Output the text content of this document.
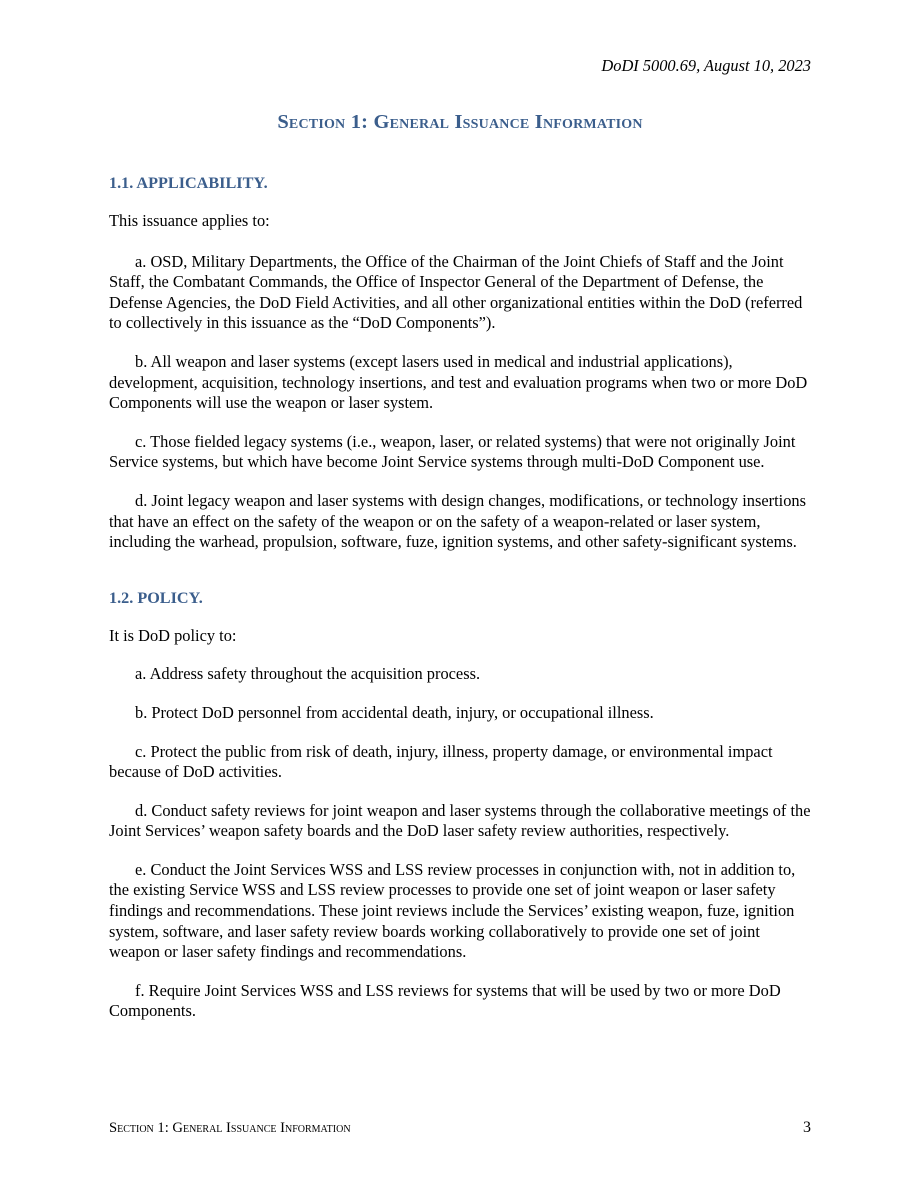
DoDI 5000.69, August 10, 2023
Section 1: General Issuance Information
1.1. APPLICABILITY.

This issuance applies to:

a. OSD, Military Departments, the Office of the Chairman of the Joint Chiefs of Staff and the Joint Staff, the Combatant Commands, the Office of Inspector General of the Department of Defense, the Defense Agencies, the DoD Field Activities, and all other organizational entities within the DoD (referred to collectively in this issuance as the “DoD Components”).

b. All weapon and laser systems (except lasers used in medical and industrial applications), development, acquisition, technology insertions, and test and evaluation programs when two or more DoD Components will use the weapon or laser system.

c. Those fielded legacy systems (i.e., weapon, laser, or related systems) that were not originally Joint Service systems, but which have become Joint Service systems through multi-DoD Component use.

d. Joint legacy weapon and laser systems with design changes, modifications, or technology insertions that have an effect on the safety of the weapon or on the safety of a weapon-related or laser system, including the warhead, propulsion, software, fuze, ignition systems, and other safety-significant systems.

1.2. POLICY.

It is DoD policy to:

a. Address safety throughout the acquisition process.

b. Protect DoD personnel from accidental death, injury, or occupational illness.

c. Protect the public from risk of death, injury, illness, property damage, or environmental impact because of DoD activities.

d. Conduct safety reviews for joint weapon and laser systems through the collaborative meetings of the Joint Services’ weapon safety boards and the DoD laser safety review authorities, respectively.

e. Conduct the Joint Services WSS and LSS review processes in conjunction with, not in addition to, the existing Service WSS and LSS review processes to provide one set of joint weapon or laser safety findings and recommendations. These joint reviews include the Services’ existing weapon, fuze, ignition system, software, and laser safety review boards working collaboratively to provide one set of joint weapon or laser safety findings and recommendations.

f. Require Joint Services WSS and LSS reviews for systems that will be used by two or more DoD Components.

Section 1: General Issuance Information	3
